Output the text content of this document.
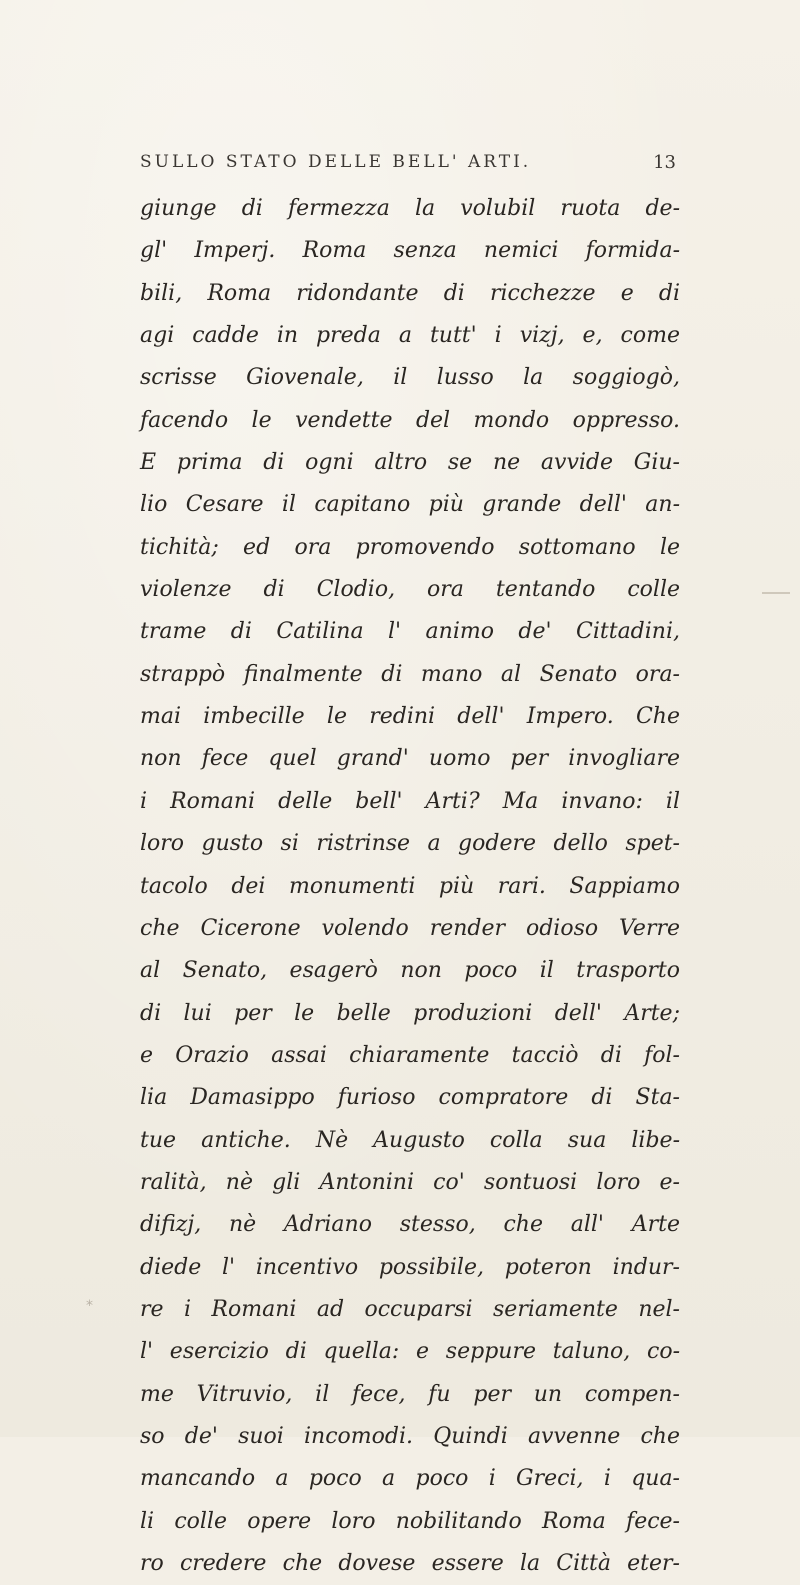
SULLO STATO DELLE BELL' ARTI.	13
giunge di fermezza la volubil ruota de-
gl' Imperj. Roma senza nemici formida-
bili, Roma ridondante di ricchezze e di
agi cadde in preda a tutt' i vizj, e, come
scrisse Giovenale, il lusso la soggiogò,
facendo le vendette del mondo oppresso.
E prima di ogni altro se ne avvide Giu-
lio Cesare il capitano più grande dell' an-
tichità; ed ora promovendo sottomano le
violenze di Clodio, ora tentando colle
trame di Catilina l' animo de' Cittadini,
strappò finalmente di mano al Senato ora-
mai imbecille le redini dell' Impero. Che
non fece quel grand' uomo per invogliare
i Romani delle bell' Arti? Ma invano: il
loro gusto si ristrinse a godere dello spet-
tacolo dei monumenti più rari. Sappiamo
che Cicerone volendo render odioso Verre
al Senato, esagerò non poco il trasporto
di lui per le belle produzioni dell' Arte;
e Orazio assai chiaramente tacciò di fol-
lia Damasippo furioso compratore di Sta-
tue antiche. Nè Augusto colla sua libe-
ralità, nè gli Antonini co' sontuosi loro e-
difizj, nè Adriano stesso, che all' Arte
diede l' incentivo possibile, poteron indur-
re i Romani ad occuparsi seriamente nel-
l' esercizio di quella: e seppure taluno, co-
me Vitruvio, il fece, fu per un compen-
so de' suoi incomodi. Quindi avvenne che
mancando a poco a poco i Greci, i qua-
li colle opere loro nobilitando Roma fece-
ro credere che dovese essere la Città eter-
*
